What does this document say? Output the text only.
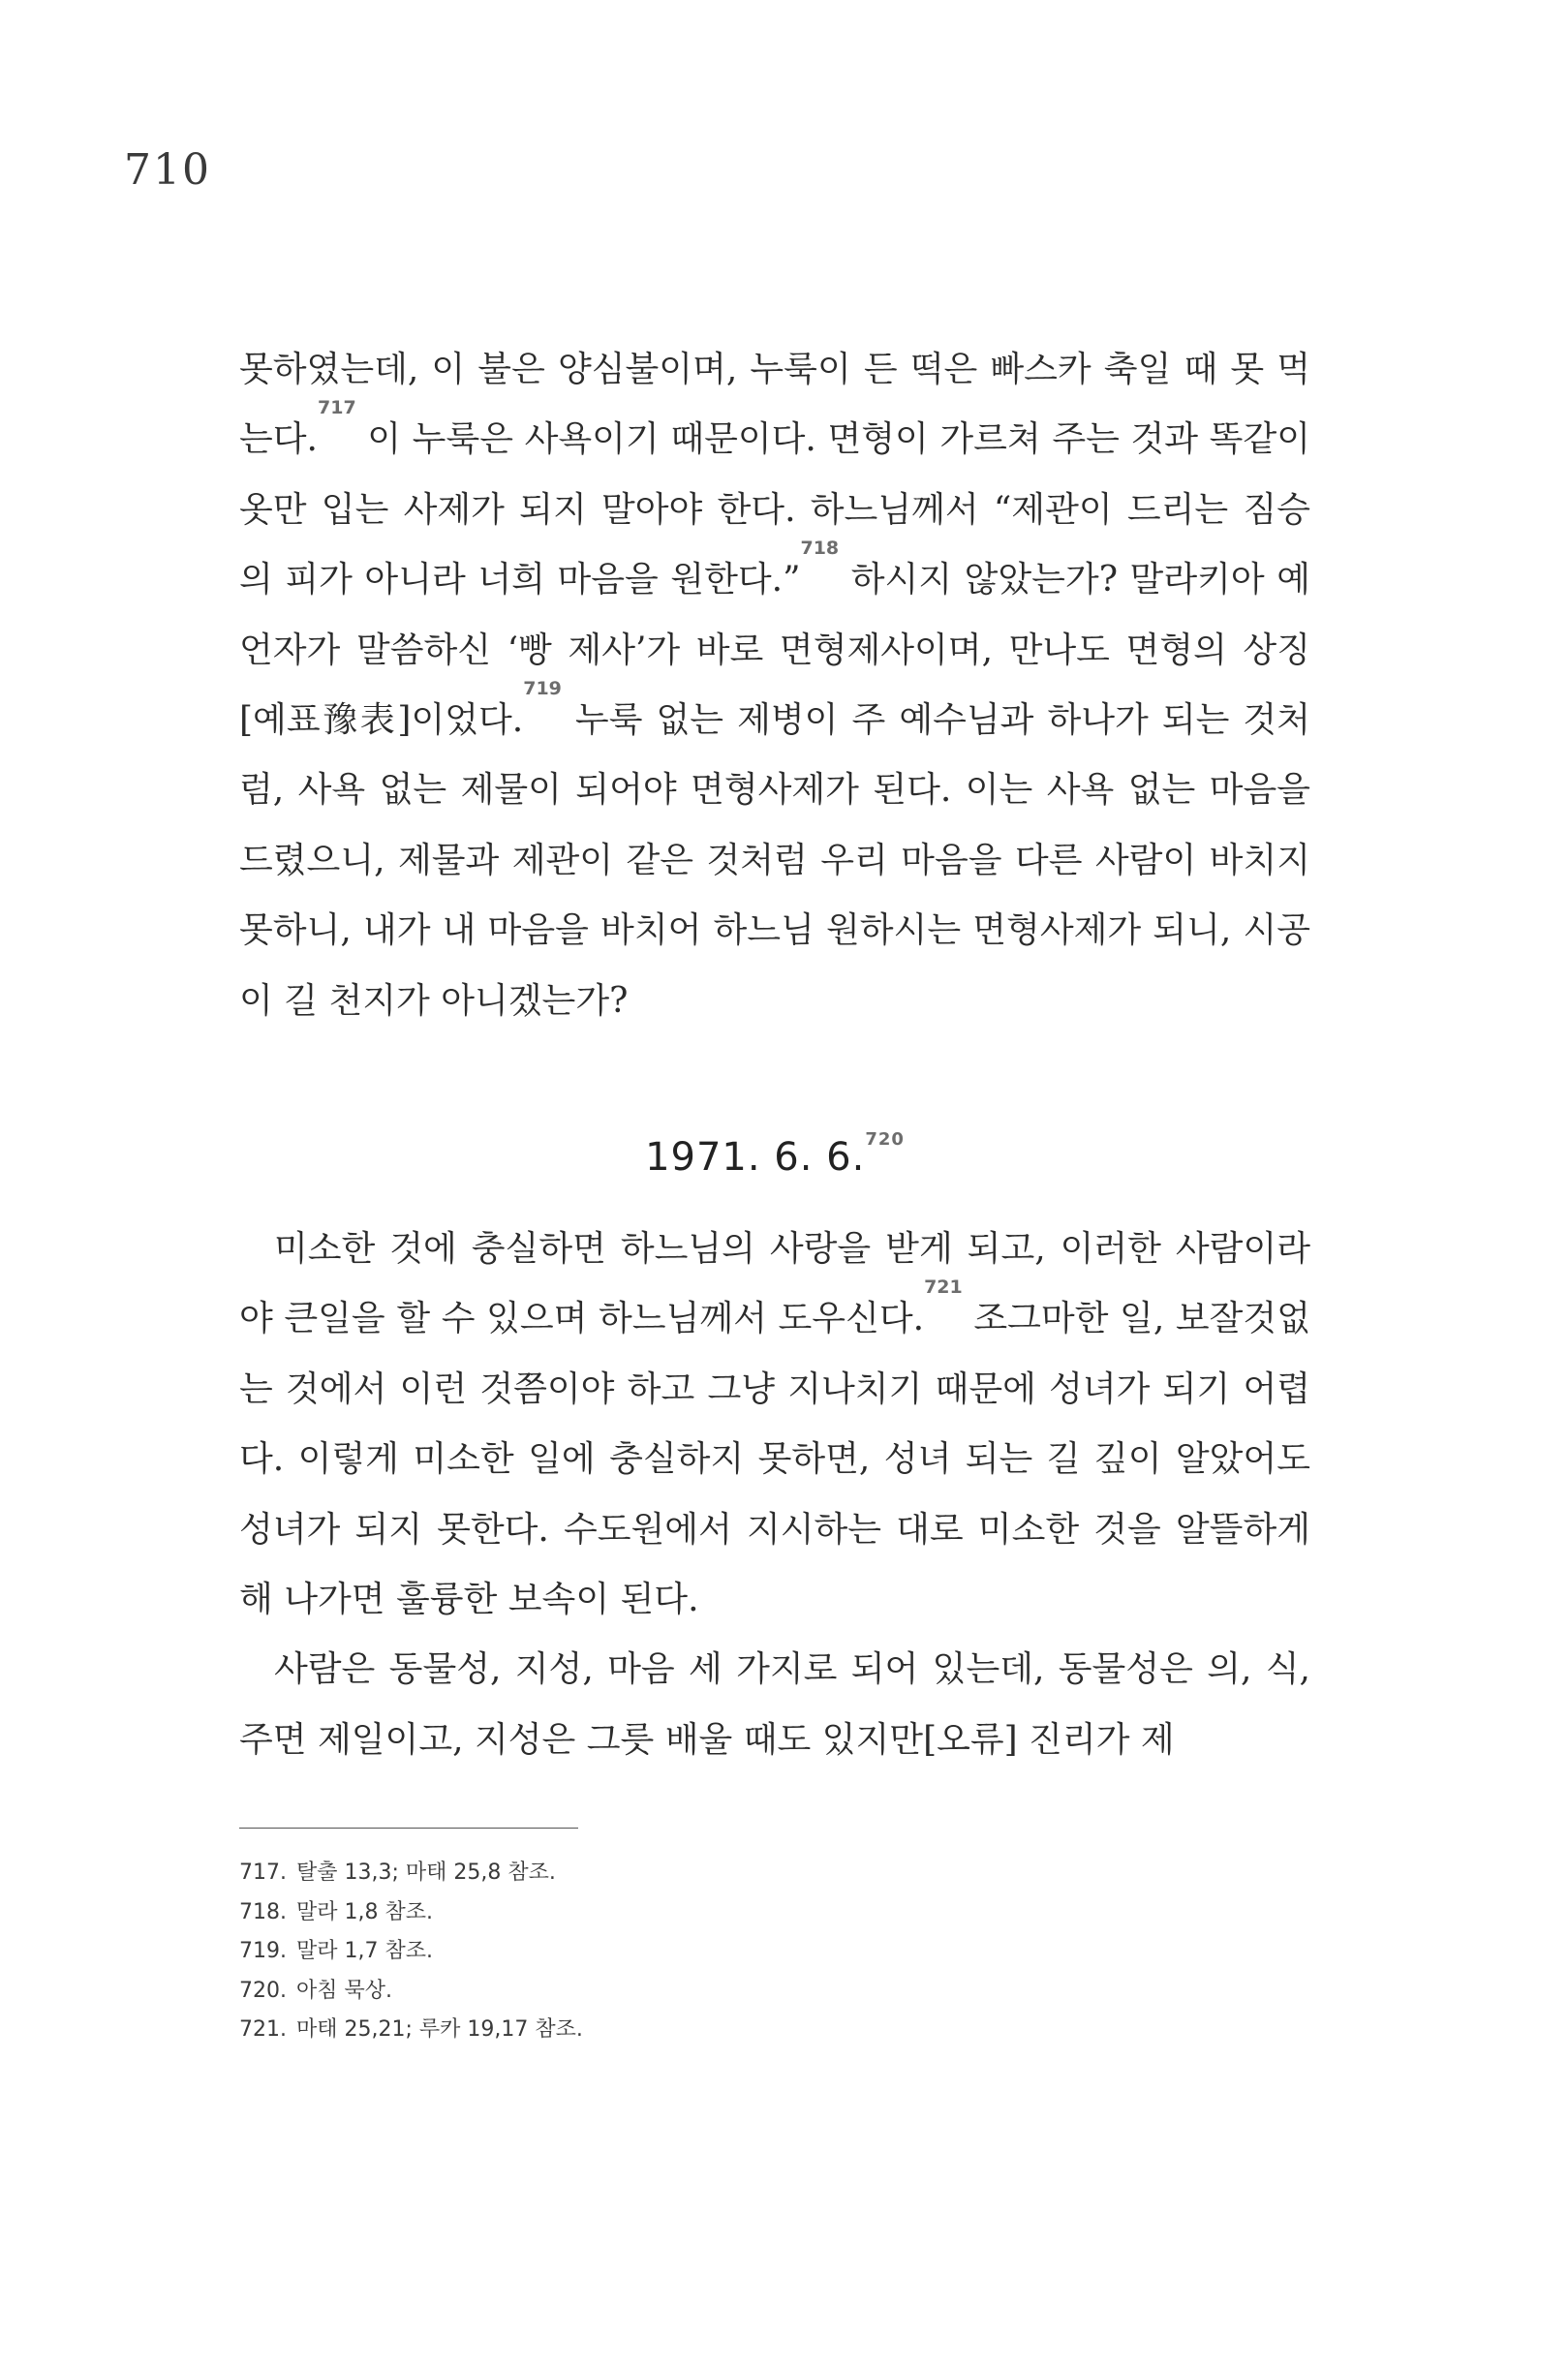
710

못하였는데, 이 불은 양심불이며, 누룩이 든 떡은 빠스카 축일 때 못 먹는다.$^{717}$ 이 누룩은 사욕이기 때문이다. 면형이 가르쳐 주는 것과 똑같이 옷만 입는 사제가 되지 말아야 한다. 하느님께서 “제관이 드리는 짐승의 피가 아니라 너희 마음을 원한다.”$^{718}$ 하시지 않았는가? 말라키아 예언자가 말씀하신 ‘빵 제사’가 바로 면형제사이며, 만나도 면형의 상징[예표豫表]이었다.$^{719}$ 누룩 없는 제병이 주 예수님과 하나가 되는 것처럼, 사욕 없는 제물이 되어야 면형사제가 된다. 이는 사욕 없는 마음을 드렸으니, 제물과 제관이 같은 것처럼 우리 마음을 다른 사람이 바치지 못하니, 내가 내 마음을 바치어 하느님 원하시는 면형사제가 되니, 시공이 길 천지가 아니겠는가?

1971. 6. 6.$^{720}$

미소한 것에 충실하면 하느님의 사랑을 받게 되고, 이러한 사람이라야 큰일을 할 수 있으며 하느님께서 도우신다.$^{721}$ 조그마한 일, 보잘것없는 것에서 이런 것쯤이야 하고 그냥 지나치기 때문에 성녀가 되기 어렵다. 이렇게 미소한 일에 충실하지 못하면, 성녀 되는 길 깊이 알았어도 성녀가 되지 못한다. 수도원에서 지시하는 대로 미소한 것을 알뜰하게 해 나가면 훌륭한 보속이 된다.

사람은 동물성, 지성, 마음 세 가지로 되어 있는데, 동물성은 의, 식, 주면 제일이고, 지성은 그릇 배울 때도 있지만[오류] 진리가 제

717. 탈출 13,3; 마태 25,8 참조.
718. 말라 1,8 참조.
719. 말라 1,7 참조.
720. 아침 묵상.
721. 마태 25,21; 루카 19,17 참조.
